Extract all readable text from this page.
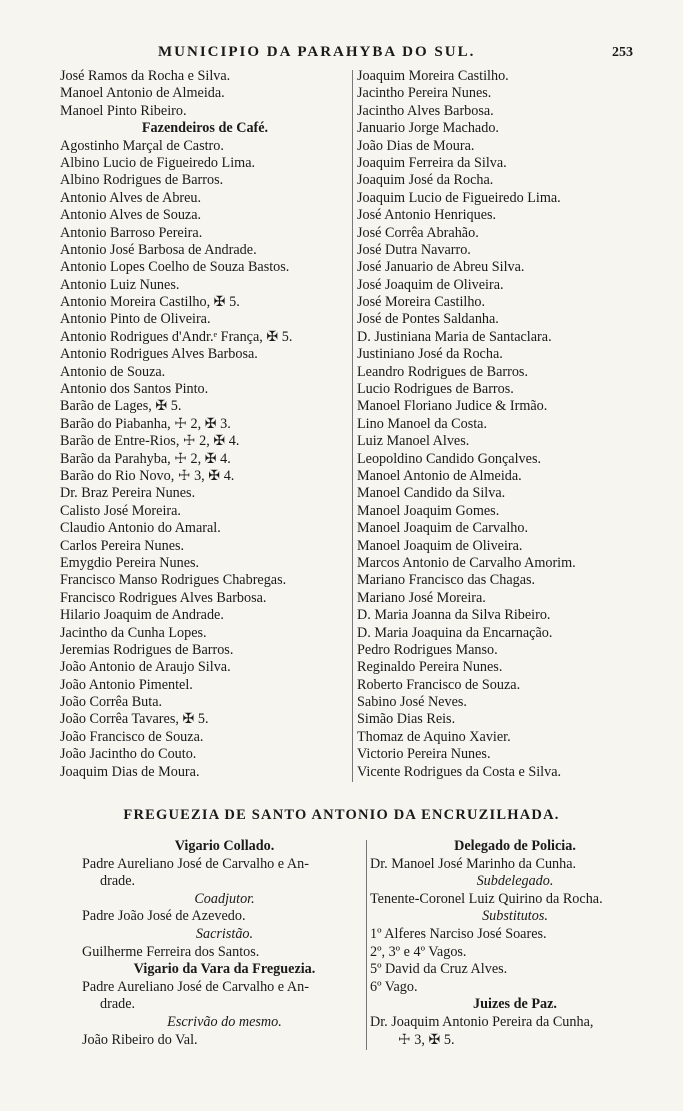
MUNICIPIO DA PARAHYBA DO SUL.	253
José Ramos da Rocha e Silva.
Manoel Antonio de Almeida.
Manoel Pinto Ribeiro.
Fazendeiros de Café.
Agostinho Marçal de Castro.
Albino Lucio de Figueiredo Lima.
Albino Rodrigues de Barros.
Antonio Alves de Abreu.
Antonio Alves de Souza.
Antonio Barroso Pereira.
Antonio José Barbosa de Andrade.
Antonio Lopes Coelho de Souza Bastos.
Antonio Luiz Nunes.
Antonio Moreira Castilho, ✠ 5.
Antonio Pinto de Oliveira.
Antonio Rodrigues d'Andr.ᵉ França, ✠ 5.
Antonio Rodrigues Alves Barbosa.
Antonio de Souza.
Antonio dos Santos Pinto.
Barão de Lages, ✠ 5.
Barão do Piabanha, ☩ 2, ✠ 3.
Barão de Entre-Rios, ☩ 2, ✠ 4.
Barão da Parahyba, ☩ 2, ✠ 4.
Barão do Rio Novo, ☩ 3, ✠ 4.
Dr. Braz Pereira Nunes.
Calisto José Moreira.
Claudio Antonio do Amaral.
Carlos Pereira Nunes.
Emygdio Pereira Nunes.
Francisco Manso Rodrigues Chabregas.
Francisco Rodrigues Alves Barbosa.
Hilario Joaquim de Andrade.
Jacintho da Cunha Lopes.
Jeremias Rodrigues de Barros.
João Antonio de Araujo Silva.
João Antonio Pimentel.
João Corrêa Buta.
João Corrêa Tavares, ✠ 5.
João Francisco de Souza.
João Jacintho do Couto.
Joaquim Dias de Moura.
Joaquim Moreira Castilho.
Jacintho Pereira Nunes.
Jacintho Alves Barbosa.
Januario Jorge Machado.
João Dias de Moura.
Joaquim Ferreira da Silva.
Joaquim José da Rocha.
Joaquim Lucio de Figueiredo Lima.
José Antonio Henriques.
José Corrêa Abrahão.
José Dutra Navarro.
José Januario de Abreu Silva.
José Joaquim de Oliveira.
José Moreira Castilho.
José de Pontes Saldanha.
D. Justiniana Maria de Santaclara.
Justiniano José da Rocha.
Leandro Rodrigues de Barros.
Lucio Rodrigues de Barros.
Manoel Floriano Judice & Irmão.
Lino Manoel da Costa.
Luiz Manoel Alves.
Leopoldino Candido Gonçalves.
Manoel Antonio de Almeida.
Manoel Candido da Silva.
Manoel Joaquim Gomes.
Manoel Joaquim de Carvalho.
Manoel Joaquim de Oliveira.
Marcos Antonio de Carvalho Amorim.
Mariano Francisco das Chagas.
Mariano José Moreira.
D. Maria Joanna da Silva Ribeiro.
D. Maria Joaquina da Encarnação.
Pedro Rodrigues Manso.
Reginaldo Pereira Nunes.
Roberto Francisco de Souza.
Sabino José Neves.
Simão Dias Reis.
Thomaz de Aquino Xavier.
Victorio Pereira Nunes.
Vicente Rodrigues da Costa e Silva.
FREGUEZIA DE SANTO ANTONIO DA ENCRUZILHADA.
Vigario Collado.
Padre Aureliano José de Carvalho e An-
drade.
Coadjutor.
Padre João José de Azevedo.
Sacristão.
Guilherme Ferreira dos Santos.
Vigario da Vara da Freguezia.
Padre Aureliano José de Carvalho e An-
drade.
Escrivão do mesmo.
João Ribeiro do Val.
Delegado de Policia.
Dr. Manoel José Marinho da Cunha.
Subdelegado.
Tenente-Coronel Luiz Quirino da Rocha.
Substitutos.
1º Alferes Narciso José Soares.
2º, 3º e 4º Vagos.
5º David da Cruz Alves.
6º Vago.
Juizes de Paz.
Dr. Joaquim Antonio Pereira da Cunha,
☩ 3, ✠ 5.
